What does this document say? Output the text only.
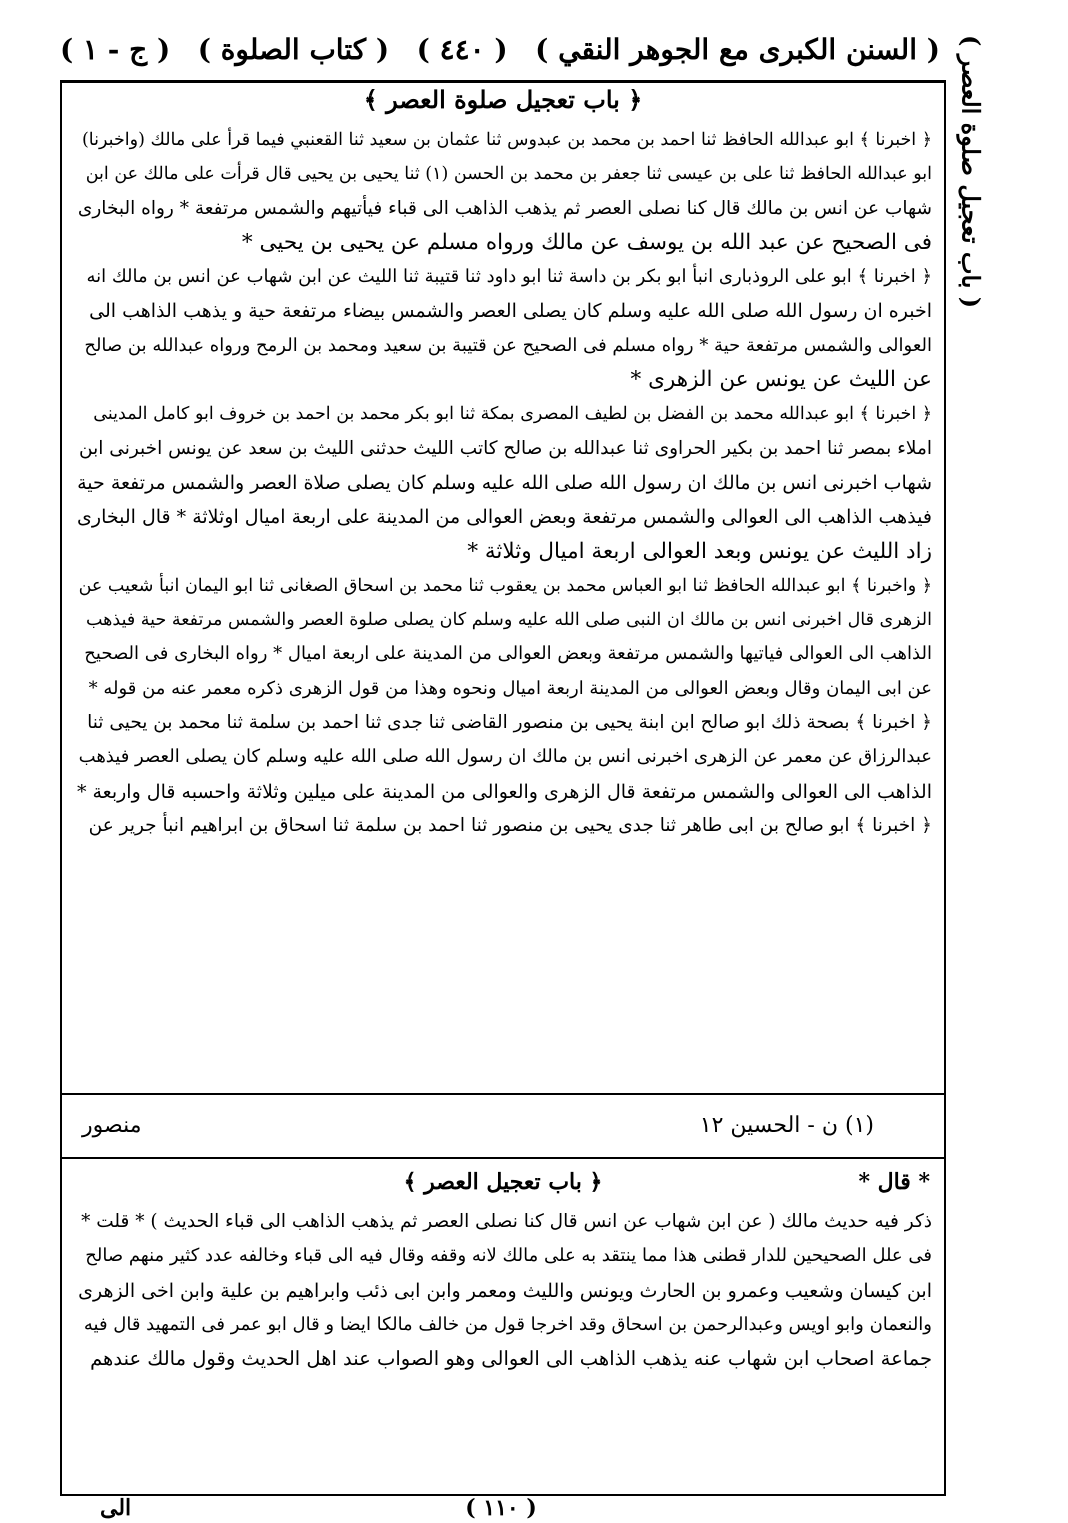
( السنن الكبرى مع الجوهر النقي )
( ٤٤٠ )
( كتاب الصلوة )
( ج - ١ )	( باب تعجيل صلوة العصر )
﴿ باب تعجيل صلوة العصر ﴾
﴿ اخبرنا ﴾ ابو عبدالله الحافظ ثنا احمد بن محمد بن عبدوس ثنا عثمان بن سعيد ثنا القعنبي فيما قرأ على مالك (واخبرنا)
ابو عبدالله الحافظ ثنا على بن عيسى ثنا جعفر بن محمد بن الحسن (١) ثنا يحيى بن يحيى قال قرأت على مالك عن ابن
شهاب عن انس بن مالك قال كنا نصلى العصر ثم يذهب الذاهب الى قباء فيأتيهم والشمس مرتفعة * رواه البخارى
فى الصحيح عن عبد الله بن يوسف عن مالك ورواه مسلم عن يحيى بن يحيى *
﴿ اخبرنا ﴾ ابو على الروذبارى انبأ ابو بكر بن داسة ثنا ابو داود ثنا قتيبة ثنا الليث عن ابن شهاب عن انس بن مالك انه
اخبره ان رسول الله صلى الله عليه وسلم كان يصلى العصر والشمس بيضاء مرتفعة حية و يذهب الذاهب الى
العوالى والشمس مرتفعة حية * رواه مسلم فى الصحيح عن قتيبة بن سعيد ومحمد بن الرمح ورواه عبدالله بن صالح
عن الليث عن يونس عن الزهرى *
﴿ اخبرنا ﴾ ابو عبدالله محمد بن الفضل بن لطيف المصرى بمكة ثنا ابو بكر محمد بن احمد بن خروف ابو كامل المدينى
املاء بمصر ثنا احمد بن بكير الحراوى ثنا عبدالله بن صالح كاتب الليث حدثنى الليث بن سعد عن يونس اخبرنى ابن
شهاب اخبرنى انس بن مالك ان رسول الله صلى الله عليه وسلم كان يصلى صلاة العصر والشمس مرتفعة حية
فيذهب الذاهب الى العوالى والشمس مرتفعة وبعض العوالى من المدينة على اربعة اميال اوثلاثة * قال البخارى
زاد الليث عن يونس وبعد العوالى اربعة اميال وثلاثة *
﴿ واخبرنا ﴾ ابو عبدالله الحافظ ثنا ابو العباس محمد بن يعقوب ثنا محمد بن اسحاق الصغانى ثنا ابو اليمان انبأ شعيب عن
الزهرى قال اخبرنى انس بن مالك ان النبى صلى الله عليه وسلم كان يصلى صلوة العصر والشمس مرتفعة حية فيذهب
الذاهب الى العوالى فياتيها والشمس مرتفعة وبعض العوالى من المدينة على اربعة اميال * رواه البخارى فى الصحيح
عن ابى اليمان وقال وبعض العوالى من المدينة اربعة اميال ونحوه وهذا من قول الزهرى ذكره معمر عنه من قوله *
﴿ اخبرنا ﴾ بصحة ذلك ابو صالح ابن ابنة يحيى بن منصور القاضى ثنا جدى ثنا احمد بن سلمة ثنا محمد بن يحيى ثنا
عبدالرزاق عن معمر عن الزهرى اخبرنى انس بن مالك ان رسول الله صلى الله عليه وسلم كان يصلى العصر فيذهب
الذاهب الى العوالى والشمس مرتفعة قال الزهرى والعوالى من المدينة على ميلين وثلاثة واحسبه قال واربعة *
﴿ اخبرنا ﴾ ابو صالح بن ابى طاهر ثنا جدى يحيى بن منصور ثنا احمد بن سلمة ثنا اسحاق بن ابراهيم انبأ جرير عن
(١) ن - الحسين ١٢
منصور
* قال *
﴿ باب تعجيل العصر ﴾
ذكر فيه حديث مالك ( عن ابن شهاب عن انس قال كنا نصلى العصر ثم يذهب الذاهب الى قباء الحديث ) * قلت *
فى علل الصحيحين للدار قطنى هذا مما ينتقد به على مالك لانه وقفه وقال فيه الى قباء وخالفه عدد كثير منهم صالح
ابن كيسان وشعيب وعمرو بن الحارث ويونس والليث ومعمر وابن ابى ذئب وابراهيم بن علية وابن اخى الزهرى
والنعمان وابو اويس وعبدالرحمن بن اسحاق وقد اخرجا قول من خالف مالكا ايضا و قال ابو عمر فى التمهيد قال فيه
جماعة اصحاب ابن شهاب عنه يذهب الذاهب الى العوالى وهو الصواب عند اهل الحديث وقول مالك عندهم
( ١١٠ )
الى
